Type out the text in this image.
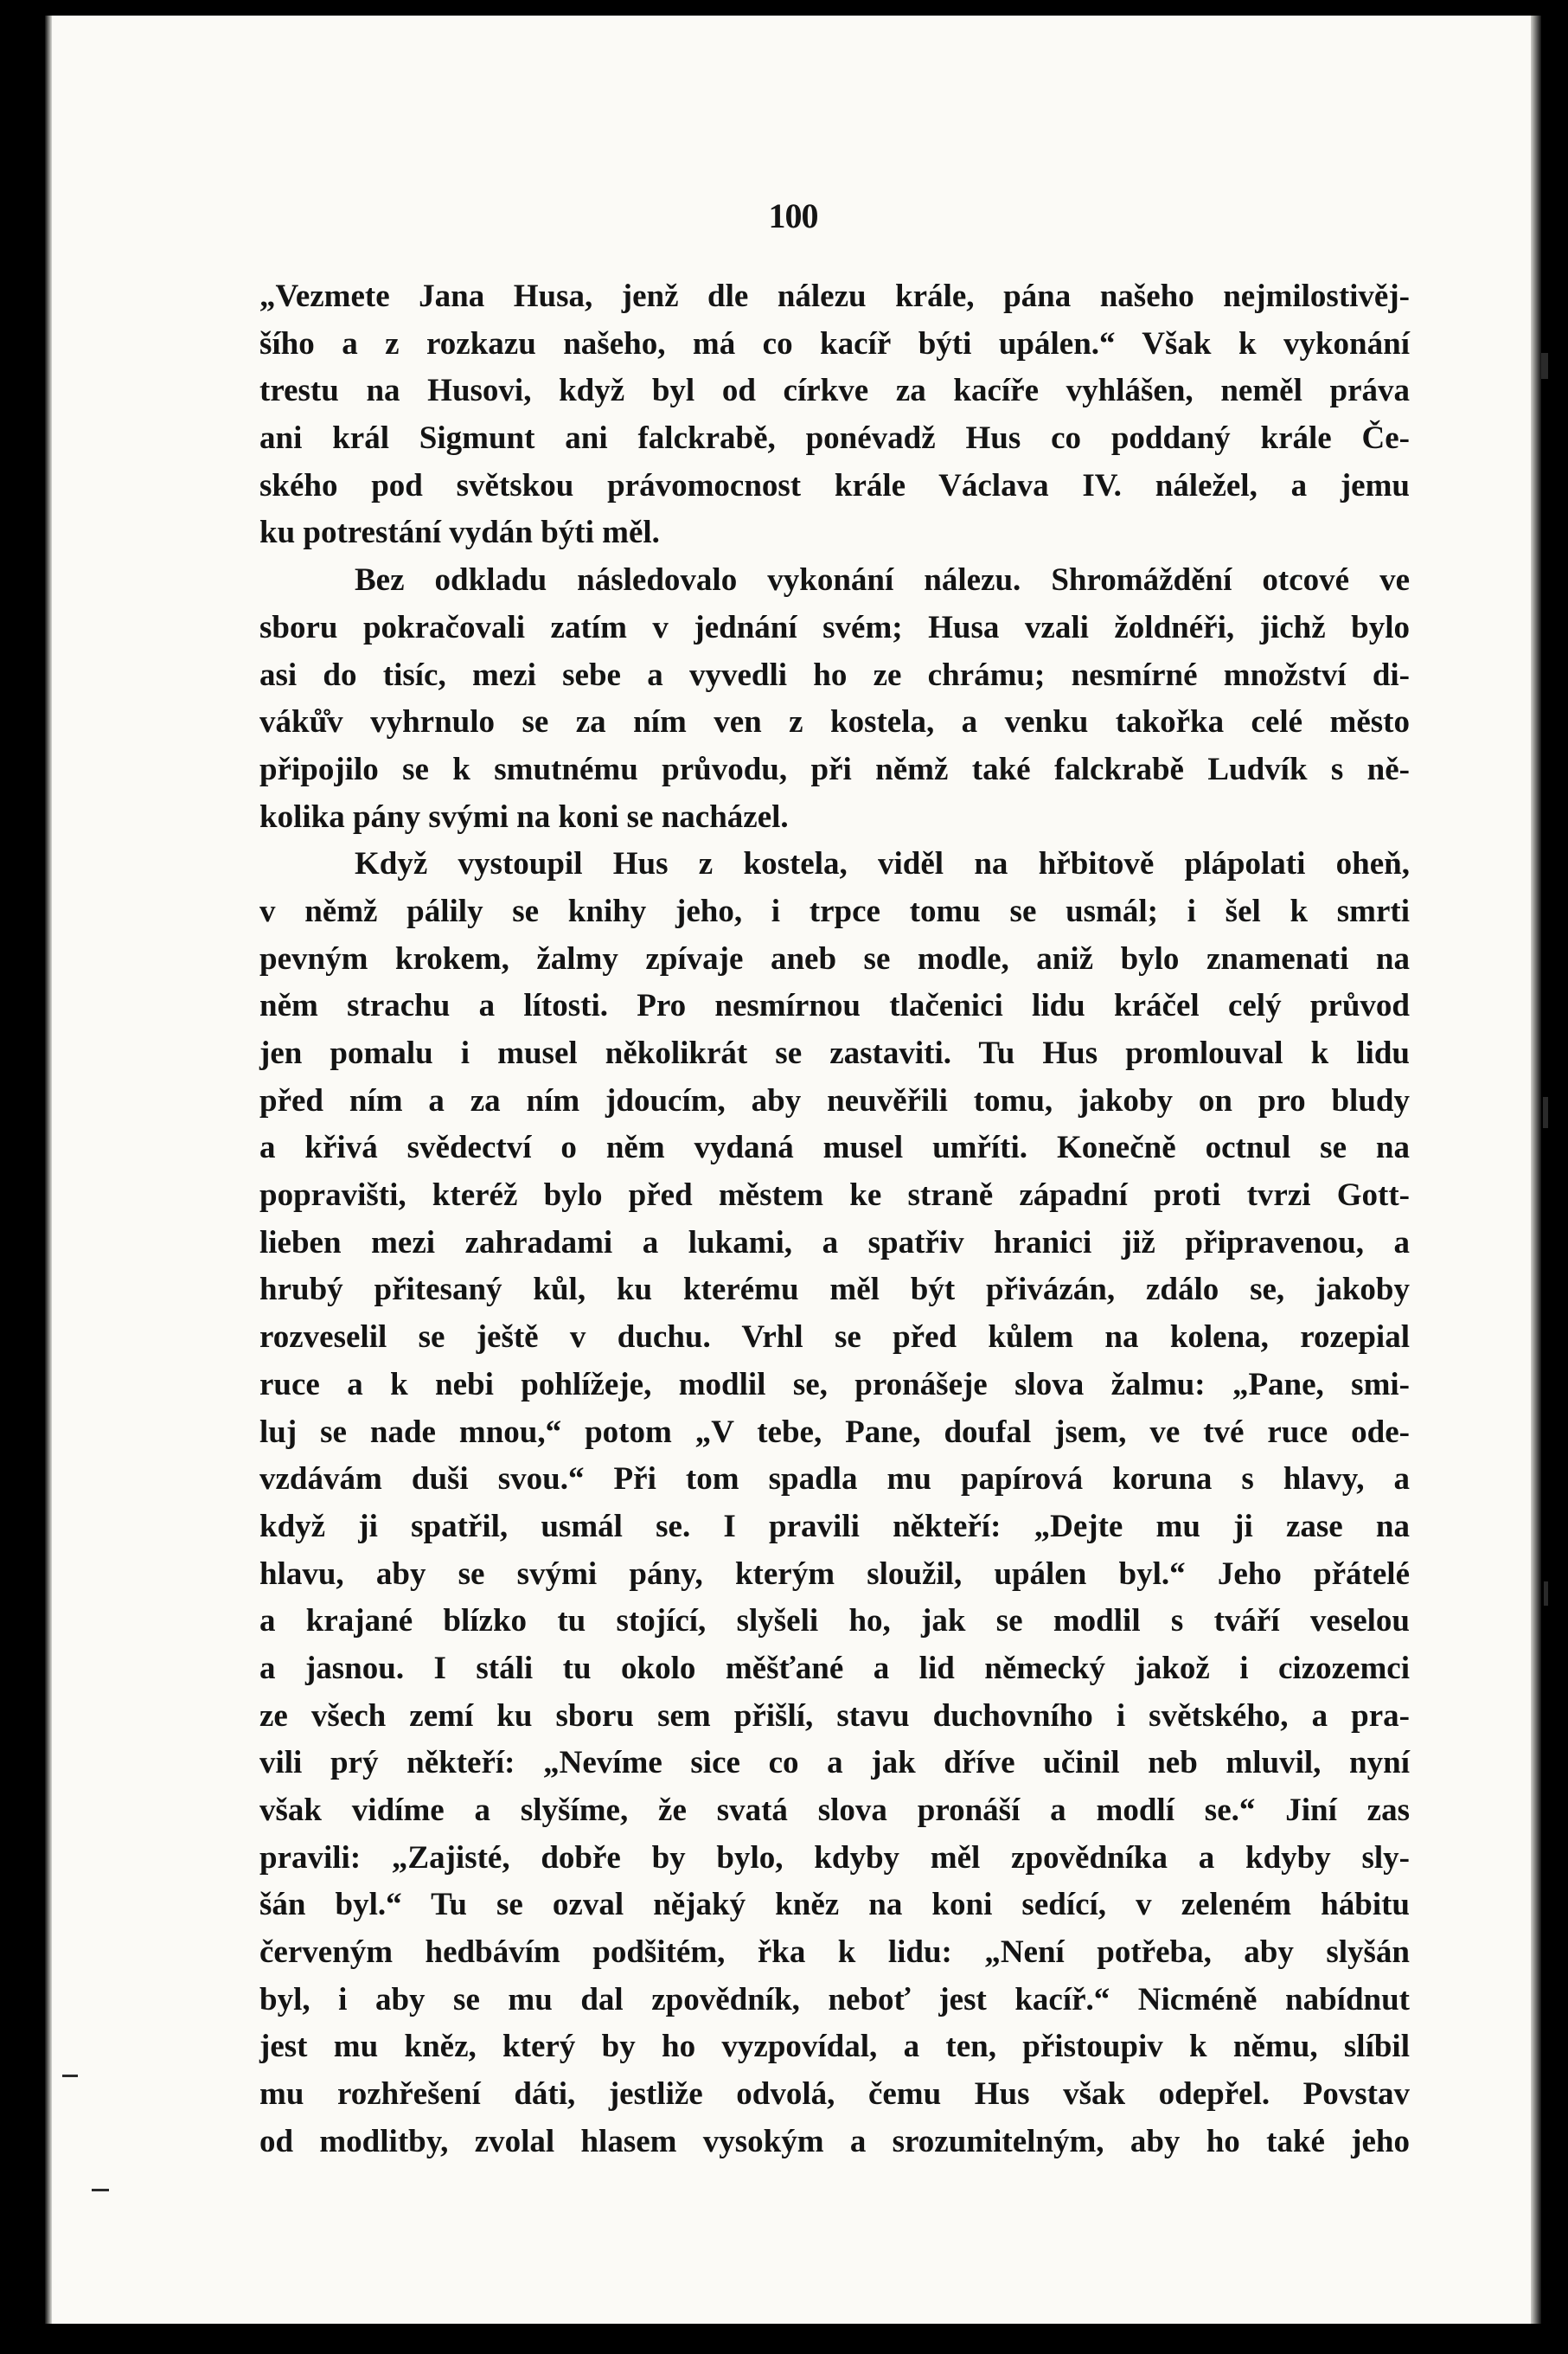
100
„Vezmete Jana Husa, jenž dle nálezu krále, pána našeho nejmilostivěj-
šího a z rozkazu našeho, má co kacíř býti upálen.“ Však k vykonání
trestu na Husovi, když byl od církve za kacíře vyhlášen, neměl práva
ani král Sigmunt ani falckrabě, ponévadž Hus co poddaný krále Če-
ského pod světskou právomocnost krále Václava IV. náležel, a jemu
ku potrestání vydán býti měl.
Bez odkladu následovalo vykonání nálezu. Shromáždění otcové ve
sboru pokračovali zatím v jednání svém; Husa vzali žoldnéři, jichž bylo
asi do tisíc, mezi sebe a vyvedli ho ze chrámu; nesmírné množství di-
váků̊v vyhrnulo se za ním ven z kostela, a venku takořka celé město
připojilo se k smutnému průvodu, při němž také falckrabě Ludvík s ně-
kolika pány svými na koni se nacházel.
Když vystoupil Hus z kostela, viděl na hřbitově plápolati oheň,
v němž pálily se knihy jeho, i trpce tomu se usmál; i šel k smrti
pevným krokem, žalmy zpívaje aneb se modle, aniž bylo znamenati na
něm strachu a lítosti. Pro nesmírnou tlačenici lidu kráčel celý průvod
jen pomalu i musel několikrát se zastaviti. Tu Hus promlouval k lidu
před ním a za ním jdoucím, aby neuvěřili tomu, jakoby on pro bludy
a křivá svědectví o něm vydaná musel umříti. Konečně octnul se na
popravišti, kteréž bylo před městem ke straně západní proti tvrzi Gott-
lieben mezi zahradami a lukami, a spatřiv hranici již připravenou, a
hrubý přitesaný kůl, ku kterému měl být přivázán, zdálo se, jakoby
rozveselil se ještě v duchu. Vrhl se před kůlem na kolena, rozepial
ruce a k nebi pohlížeje, modlil se, pronášeje slova žalmu: „Pane, smi-
luj se nade mnou,“ potom „V tebe, Pane, doufal jsem, ve tvé ruce ode-
vzdávám duši svou.“ Při tom spadla mu papírová koruna s hlavy, a
když ji spatřil, usmál se. I pravili někteří: „Dejte mu ji zase na
hlavu, aby se svými pány, kterým sloužil, upálen byl.“ Jeho přátelé
a krajané blízko tu stojící, slyšeli ho, jak se modlil s tváří veselou
a jasnou. I stáli tu okolo měšťané a lid německý jakož i cizozemci
ze všech zemí ku sboru sem přišlí, stavu duchovního i světského, a pra-
vili prý někteří: „Nevíme sice co a jak dříve učinil neb mluvil, nyní
však vidíme a slyšíme, že svatá slova pronáší a modlí se.“ Jiní zas
pravili: „Zajisté, dobře by bylo, kdyby měl zpovědníka a kdyby sly-
šán byl.“ Tu se ozval nějaký kněz na koni sedící, v zeleném hábitu
červeným hedbávím podšitém, řka k lidu: „Není potřeba, aby slyšán
byl, i aby se mu dal zpovědník, neboť jest kacíř.“ Nicméně nabídnut
jest mu kněz, který by ho vyzpovídal, a ten, přistoupiv k němu, slíbil
mu rozhřešení dáti, jestliže odvolá, čemu Hus však odepřel. Povstav
od modlitby, zvolal hlasem vysokým a srozumitelným, aby ho také jeho
